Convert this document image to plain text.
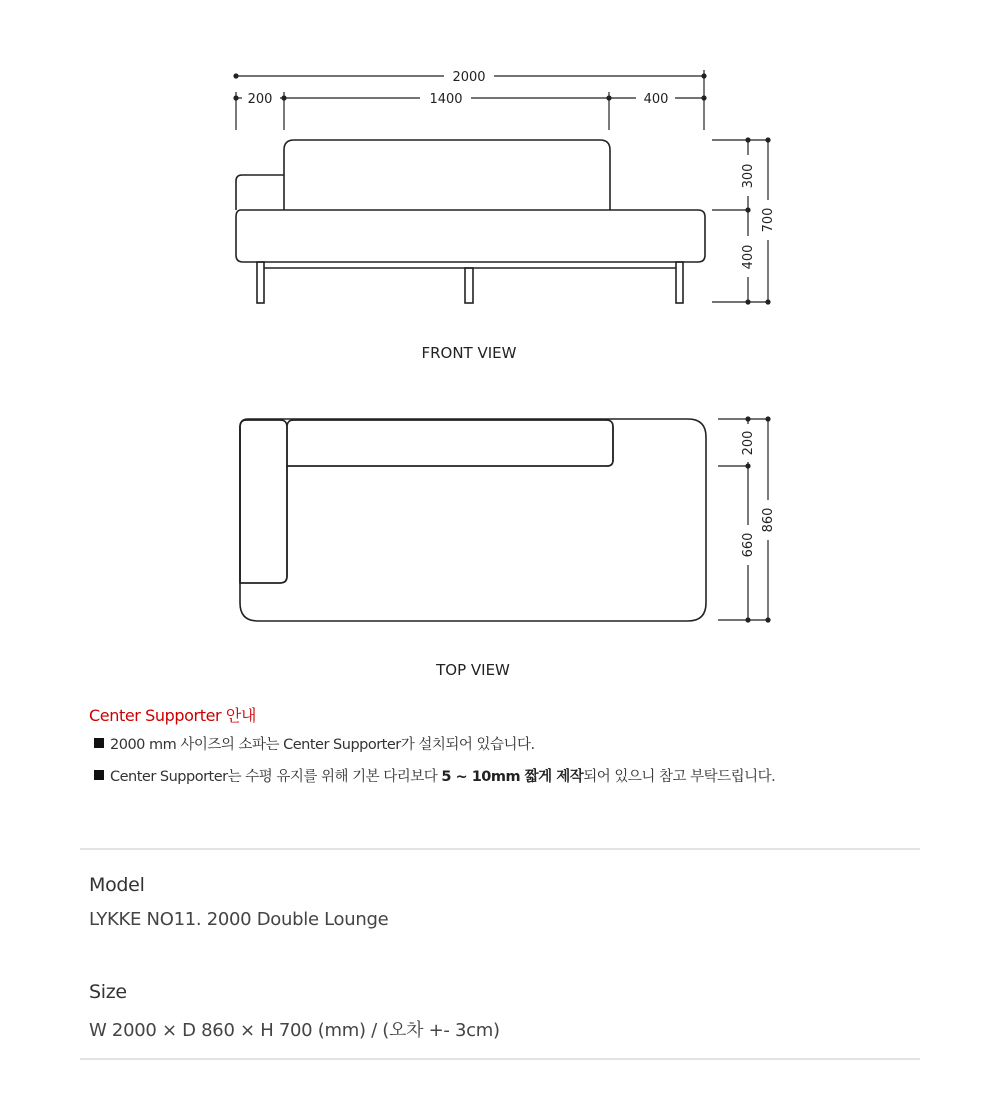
2000
200	1400	400
300
400
700
FRONT VIEW
200
660
860
TOP VIEW
Center Supporter 안내
2000 mm 사이즈의 소파는 Center Supporter가 설치되어 있습니다.
Center Supporter는 수평 유지를 위해 기본 다리보다 5 ~ 10mm 짧게 제작되어 있으니 참고 부탁드립니다.
Model
LYKKE NO11. 2000 Double Lounge
Size
W 2000 × D 860 × H 700 (mm) / (오차 +- 3cm)
